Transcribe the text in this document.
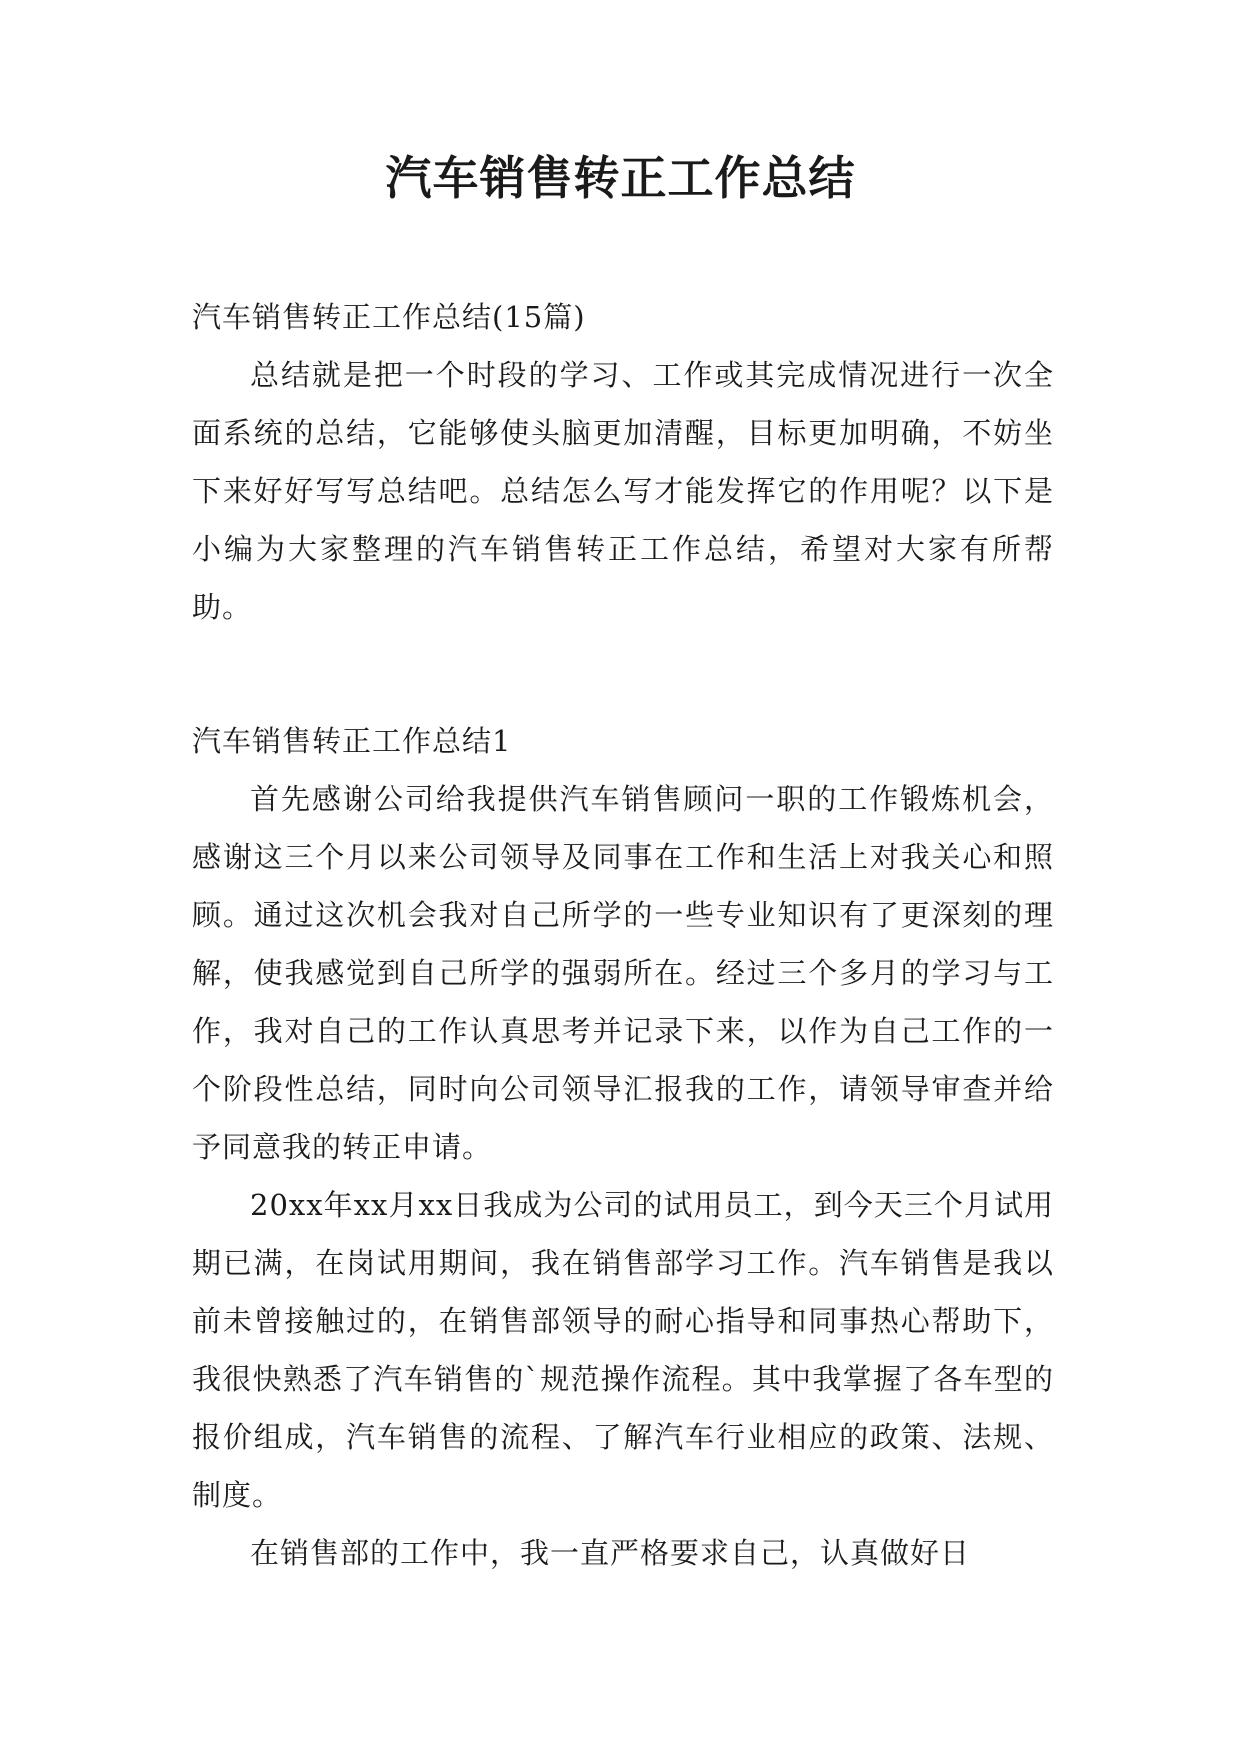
汽车销售转正工作总结

汽车销售转正工作总结(15篇)

总结就是把一个时段的学习、工作或其完成情况进行一次全面系统的总结，它能够使头脑更加清醒，目标更加明确，不妨坐下来好好写写总结吧。总结怎么写才能发挥它的作用呢？以下是小编为大家整理的汽车销售转正工作总结，希望对大家有所帮助。

汽车销售转正工作总结1

首先感谢公司给我提供汽车销售顾问一职的工作锻炼机会，感谢这三个月以来公司领导及同事在工作和生活上对我关心和照顾。通过这次机会我对自己所学的一些专业知识有了更深刻的理解，使我感觉到自己所学的强弱所在。经过三个多月的学习与工作，我对自己的工作认真思考并记录下来，以作为自己工作的一个阶段性总结，同时向公司领导汇报我的工作，请领导审查并给予同意我的转正申请。

20xx年xx月xx日我成为公司的试用员工，到今天三个月试用期已满，在岗试用期间，我在销售部学习工作。汽车销售是我以前未曾接触过的，在销售部领导的耐心指导和同事热心帮助下，我很快熟悉了汽车销售的`规范操作流程。其中我掌握了各车型的报价组成，汽车销售的流程、了解汽车行业相应的政策、法规、制度。

在销售部的工作中，我一直严格要求自己，认真做好日
